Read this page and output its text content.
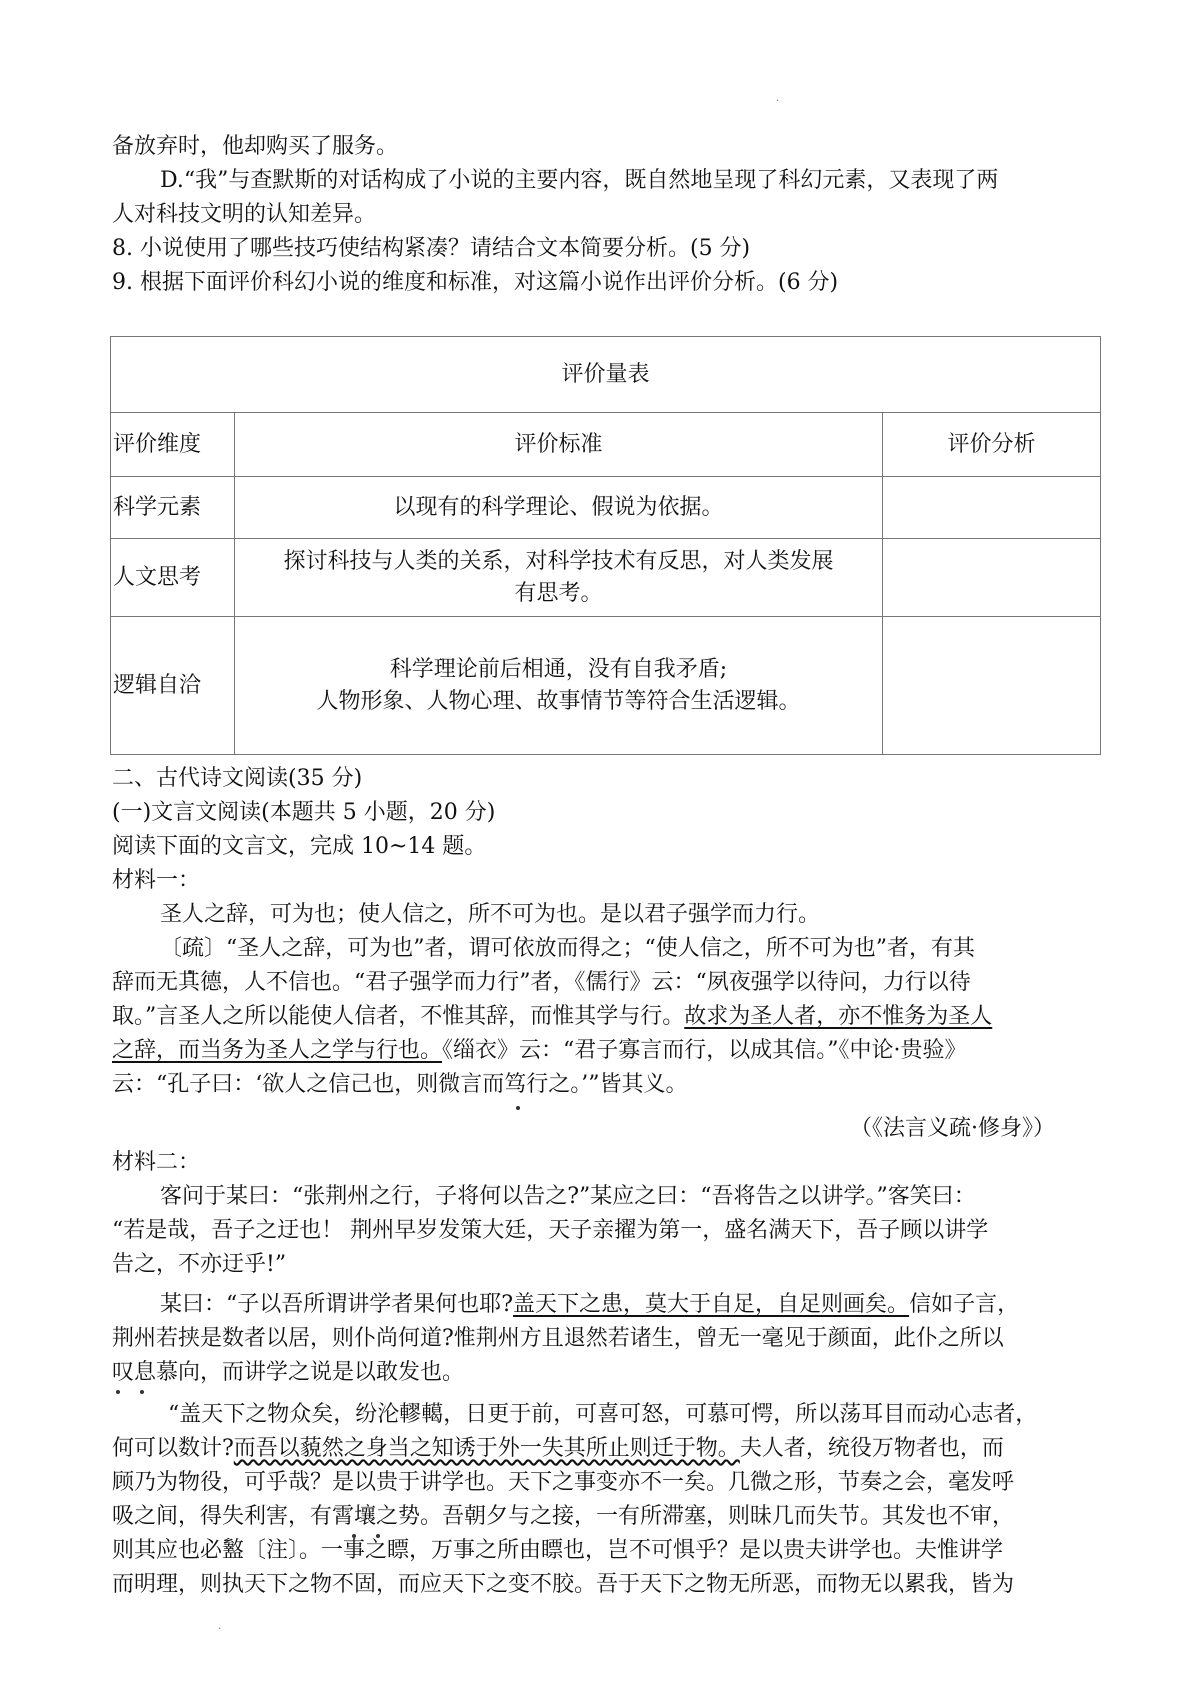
·
备放弃时，他却购买了服务。
D.“我”与查默斯的对话构成了小说的主要内容，既自然地呈现了科幻元素，又表现了两
人对科技文明的认知差异。
8. 小说使用了哪些技巧使结构紧凑？请结合文本简要分析。(5 分)
9. 根据下面评价科幻小说的维度和标准，对这篇小说作出评价分析。(6 分)
评价量表		
评价维度	评价标准	评价分析
科学元素	以现有的科学理论、假说为依据。	
人文思考	探讨科技与人类的关系，对科学技术有反思，对人类发展
有思考。	

逻辑自洽	科学理论前后相通，没有自我矛盾;
人物形象、人物心理、故事情节等符合生活逻辑。	

二、古代诗文阅读(35 分)
(一)文言文阅读(本题共 5 小题，20 分)
阅读下面的文言文，完成 10~14 题。
材料一：
圣人之辞，可为也；使人信之，所不可为也。是以君子强学而力行。
〔疏〕“圣人之辞，可为也”者，谓可依放而得之；“使人信之，所不可为也”者，有其
辞而无其德，人不信也。“君子强学而力行”者，《儒行》云：“夙夜强学以待问，力行以待
取。”言圣人之所以能使人信者，不惟其辞，而惟其学与行。故求为圣人者，亦不惟务为圣人
之辞，而当务为圣人之学与行也。《缁衣》云：“君子寡言而行，以成其信。”《中论·贵验》
云：“孔子曰：‘欲人之信己也，则微言而笃行之。’”皆其义。
（《法言义疏·修身》）
材料二：
客问于某曰：“张荆州之行，子将何以告之?”某应之曰：“吾将告之以讲学。”客笑曰：
“若是哉，吾子之迂也！ 荆州早岁发策大廷，天子亲擢为第一，盛名满天下，吾子顾以讲学
告之，不亦迂乎!”
某曰：“子以吾所谓讲学者果何也耶?盖天下之患，莫大于自足，自足则画矣。信如子言，
荆州若挟是数者以居，则仆尚何道?惟荆州方且退然若诸生，曾无一毫见于颜面，此仆之所以
叹息慕向，而讲学之说是以敢发也。
“盖天下之物众矣，纷沦轇轕，日更于前，可喜可怒，可慕可愕，所以荡耳目而动心志者，
何可以数计?而吾以藐然之身当之知诱于外一失其所止则迁于物。夫人者，统役万物者也，而
顾乃为物役，可乎哉？是以贵于讲学也。天下之事变亦不一矣。几微之形，节奏之会，毫发呼
吸之间，得失利害，有霄壤之势。吾朝夕与之接，一有所滞塞，则昧几而失节。其发也不审，
则其应也必盭〔注〕。一事之瞟，万事之所由瞟也，岂不可惧乎？是以贵夫讲学也。夫惟讲学
而明理，则执天下之物不固，而应天下之变不胶。吾于天下之物无所恶，而物无以累我，皆为
·
